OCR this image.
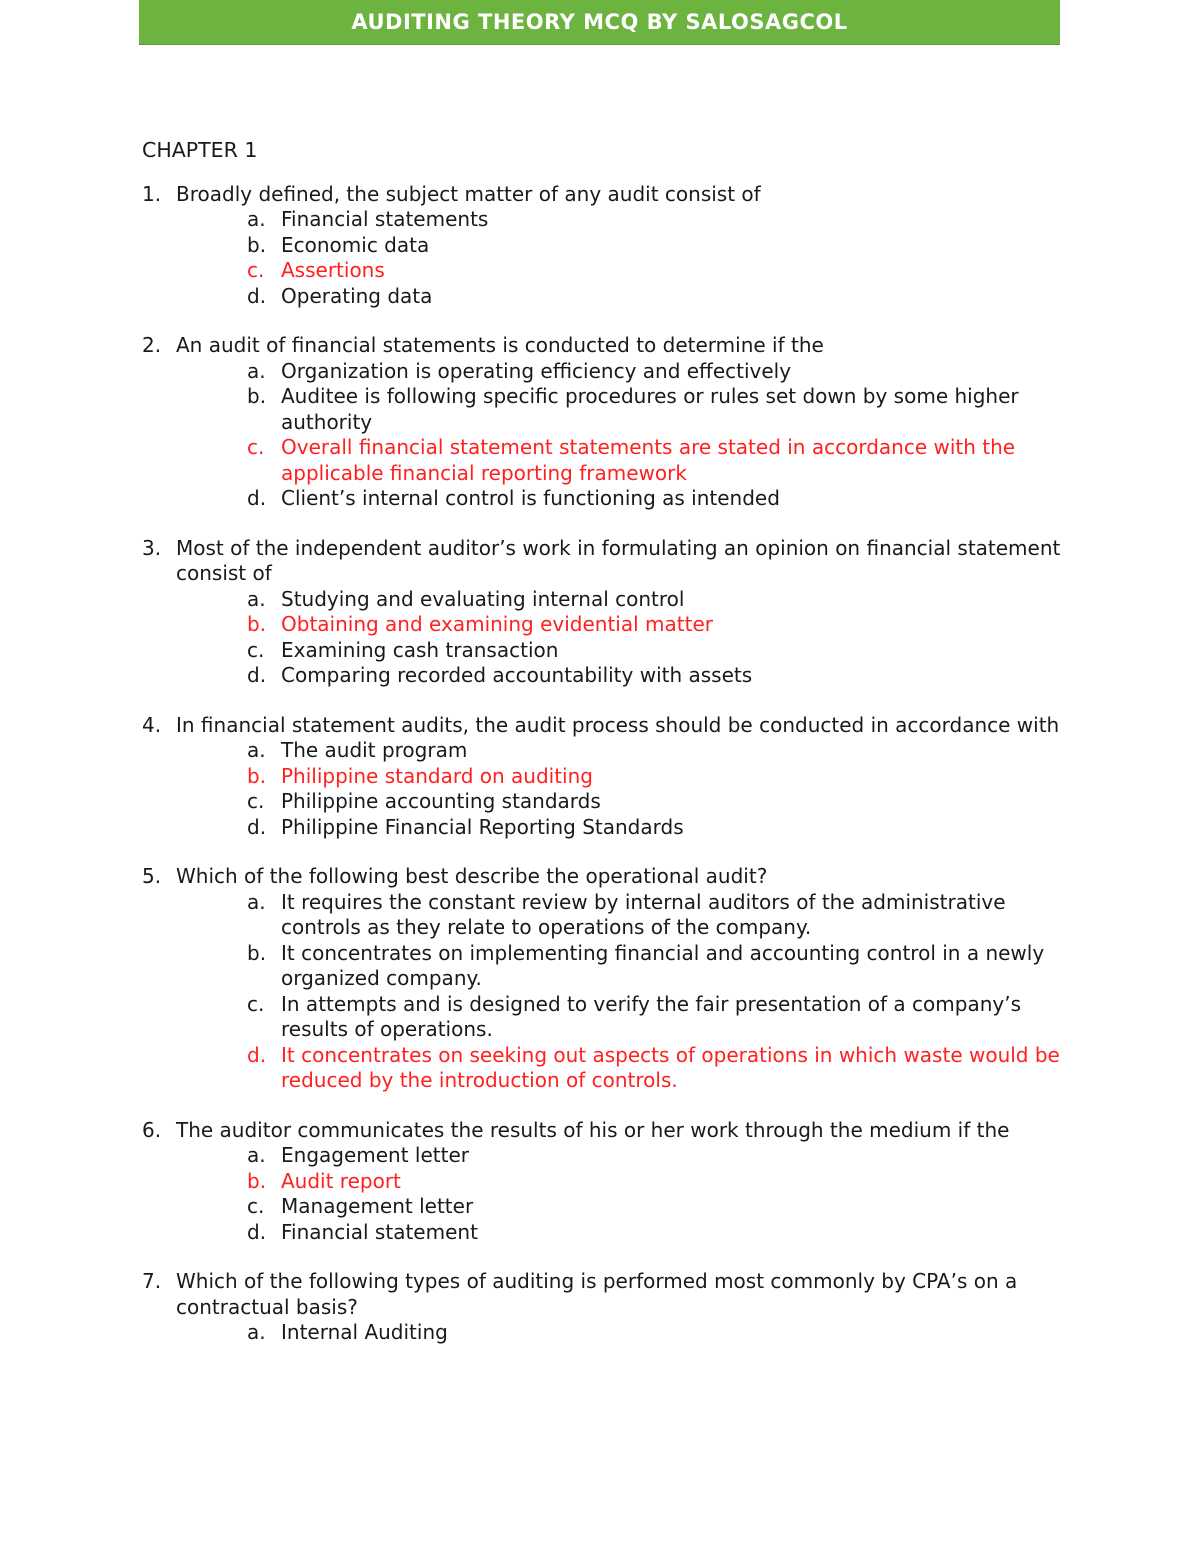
AUDITING THEORY MCQ BY SALOSAGCOL
CHAPTER 1
1. Broadly defined, the subject matter of any audit consist of
a. Financial statements
b. Economic data
c. Assertions
d. Operating data
2. An audit of financial statements is conducted to determine if the
a. Organization is operating efficiency and effectively
b. Auditee is following specific procedures or rules set down by some higher authority
c. Overall financial statement statements are stated in accordance with the applicable financial reporting framework
d. Client’s internal control is functioning as intended
3. Most of the independent auditor’s work in formulating an opinion on financial statement consist of
a. Studying and evaluating internal control
b. Obtaining and examining evidential matter
c. Examining cash transaction
d. Comparing recorded accountability with assets
4. In financial statement audits, the audit process should be conducted in accordance with
a. The audit program
b. Philippine standard on auditing
c. Philippine accounting standards
d. Philippine Financial Reporting Standards
5. Which of the following best describe the operational audit?
a. It requires the constant review by internal auditors of the administrative controls as they relate to operations of the company.
b. It concentrates on implementing financial and accounting control in a newly organized company.
c. In attempts and is designed to verify the fair presentation of a company’s results of operations.
d. It concentrates on seeking out aspects of operations in which waste would be reduced by the introduction of controls.
6. The auditor communicates the results of his or her work through the medium if the
a. Engagement letter
b. Audit report
c. Management letter
d. Financial statement
7. Which of the following types of auditing is performed most commonly by CPA’s on a contractual basis?
a. Internal Auditing
